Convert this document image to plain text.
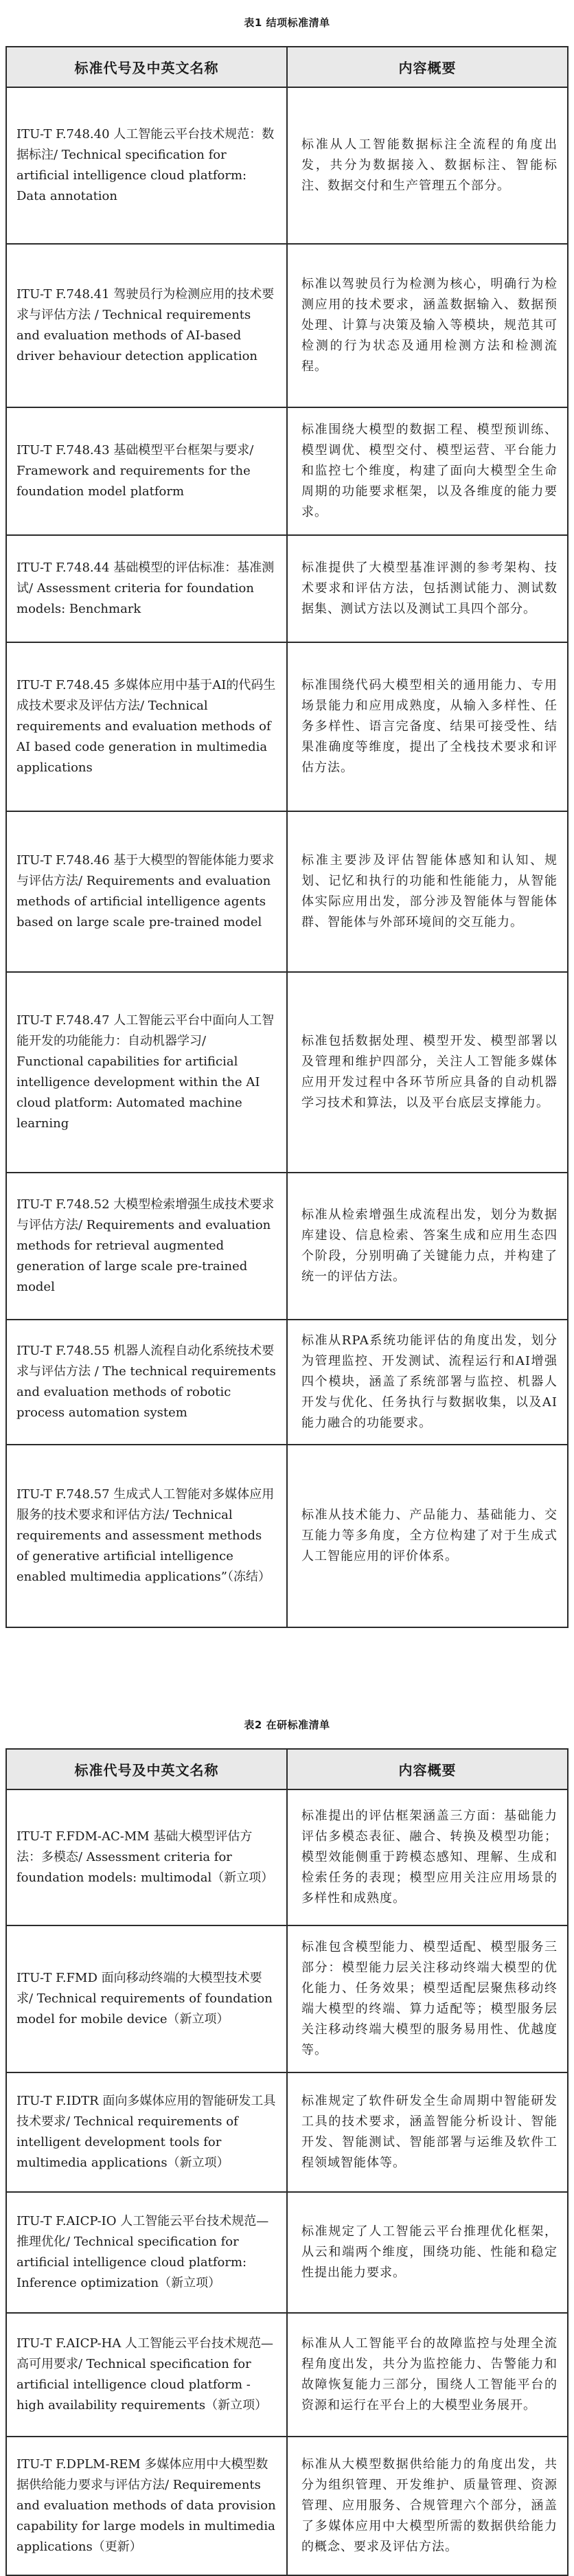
表1 结项标准清单
标准代号及中英文名称	内容概要
ITU-T F.748.40 人工智能云平台技术规范：数据标注/ Technical specification for artificial intelligence cloud platform: Data annotation	标准从人工智能数据标注全流程的角度出发，共分为数据接入、数据标注、智能标注、数据交付和生产管理五个部分。
ITU-T F.748.41 驾驶员行为检测应用的技术要求与评估方法 / Technical requirements and evaluation methods of AI-based driver behaviour detection application	标准以驾驶员行为检测为核心，明确行为检测应用的技术要求，涵盖数据输入、数据预处理、计算与决策及输入等模块，规范其可检测的行为状态及通用检测方法和检测流程。
ITU-T F.748.43 基础模型平台框架与要求/ Framework and requirements for the foundation model platform	标准围绕大模型的数据工程、模型预训练、模型调优、模型交付、模型运营、平台能力和监控七个维度，构建了面向大模型全生命周期的功能要求框架，以及各维度的能力要求。
ITU-T F.748.44 基础模型的评估标准：基准测试/ Assessment criteria for foundation models: Benchmark	标准提供了大模型基准评测的参考架构、技术要求和评估方法，包括测试能力、测试数据集、测试方法以及测试工具四个部分。
ITU-T F.748.45 多媒体应用中基于AI的代码生成技术要求及评估方法/ Technical requirements and evaluation methods of AI based code generation in multimedia applications	标准围绕代码大模型相关的通用能力、专用场景能力和应用成熟度，从输入多样性、任务多样性、语言完备度、结果可接受性、结果准确度等维度，提出了全栈技术要求和评估方法。
ITU-T F.748.46 基于大模型的智能体能力要求与评估方法/ Requirements and evaluation methods of artificial intelligence agents based on large scale pre-trained model	标准主要涉及评估智能体感知和认知、规划、记忆和执行的功能和性能能力，从智能体实际应用出发，部分涉及智能体与智能体群、智能体与外部环境间的交互能力。
ITU-T F.748.47 人工智能云平台中面向人工智能开发的功能能力：自动机器学习/ Functional capabilities for artificial intelligence development within the AI cloud platform: Automated machine learning	标准包括数据处理、模型开发、模型部署以及管理和维护四部分，关注人工智能多媒体应用开发过程中各环节所应具备的自动机器学习技术和算法，以及平台底层支撑能力。
ITU-T F.748.52 大模型检索增强生成技术要求与评估方法/ Requirements and evaluation methods for retrieval augmented generation of large scale pre-trained model	标准从检索增强生成流程出发，划分为数据库建设、信息检索、答案生成和应用生态四个阶段，分别明确了关键能力点，并构建了统一的评估方法。
ITU-T F.748.55 机器人流程自动化系统技术要求与评估方法 / The technical requirements and evaluation methods of robotic process automation system	标准从RPA系统功能评估的角度出发，划分为管理监控、开发测试、流程运行和AI增强四个模块，涵盖了系统部署与监控、机器人开发与优化、任务执行与数据收集，以及AI能力融合的功能要求。
ITU-T F.748.57 生成式人工智能对多媒体应用服务的技术要求和评估方法/ Technical requirements and assessment methods of generative artificial intelligence enabled multimedia applications”（冻结）	标准从技术能力、产品能力、基础能力、交互能力等多角度，全方位构建了对于生成式人工智能应用的评价体系。
表2 在研标准清单
标准代号及中英文名称	内容概要
ITU-T F.FDM-AC-MM 基础大模型评估方法：多模态/ Assessment criteria for foundation models: multimodal（新立项）	标准提出的评估框架涵盖三方面：基础能力评估多模态表征、融合、转换及模型功能；模型效能侧重于跨模态感知、理解、生成和检索任务的表现；模型应用关注应用场景的多样性和成熟度。
ITU-T F.FMD 面向移动终端的大模型技术要求/ Technical requirements of foundation model for mobile device（新立项）	标准包含模型能力、模型适配、模型服务三部分：模型能力层关注移动终端大模型的优化能力、任务效果；模型适配层聚焦移动终端大模型的终端、算力适配等；模型服务层关注移动终端大模型的服务易用性、优越度等。
ITU-T F.IDTR 面向多媒体应用的智能研发工具技术要求/ Technical requirements of intelligent development tools for multimedia applications（新立项）	标准规定了软件研发全生命周期中智能研发工具的技术要求，涵盖智能分析设计、智能开发、智能测试、智能部署与运维及软件工程领域智能体等。
ITU-T F.AICP-IO 人工智能云平台技术规范—推理优化/ Technical specification for artificial intelligence cloud platform: Inference optimization（新立项）	标准规定了人工智能云平台推理优化框架，从云和端两个维度，围绕功能、性能和稳定性提出能力要求。
ITU-T F.AICP-HA 人工智能云平台技术规范—高可用要求/ Technical specification for artificial intelligence cloud platform - high availability requirements（新立项）	标准从人工智能平台的故障监控与处理全流程角度出发，共分为监控能力、告警能力和故障恢复能力三部分，围绕人工智能平台的资源和运行在平台上的大模型业务展开。
ITU-T F.DPLM-REM 多媒体应用中大模型数据供给能力要求与评估方法/ Requirements and evaluation methods of data provision capability for large models in multimedia applications（更新）	标准从大模型数据供给能力的角度出发，共分为组织管理、开发维护、质量管理、资源管理、应用服务、合规管理六个部分，涵盖了多媒体应用中大模型所需的数据供给能力的概念、要求及评估方法。
